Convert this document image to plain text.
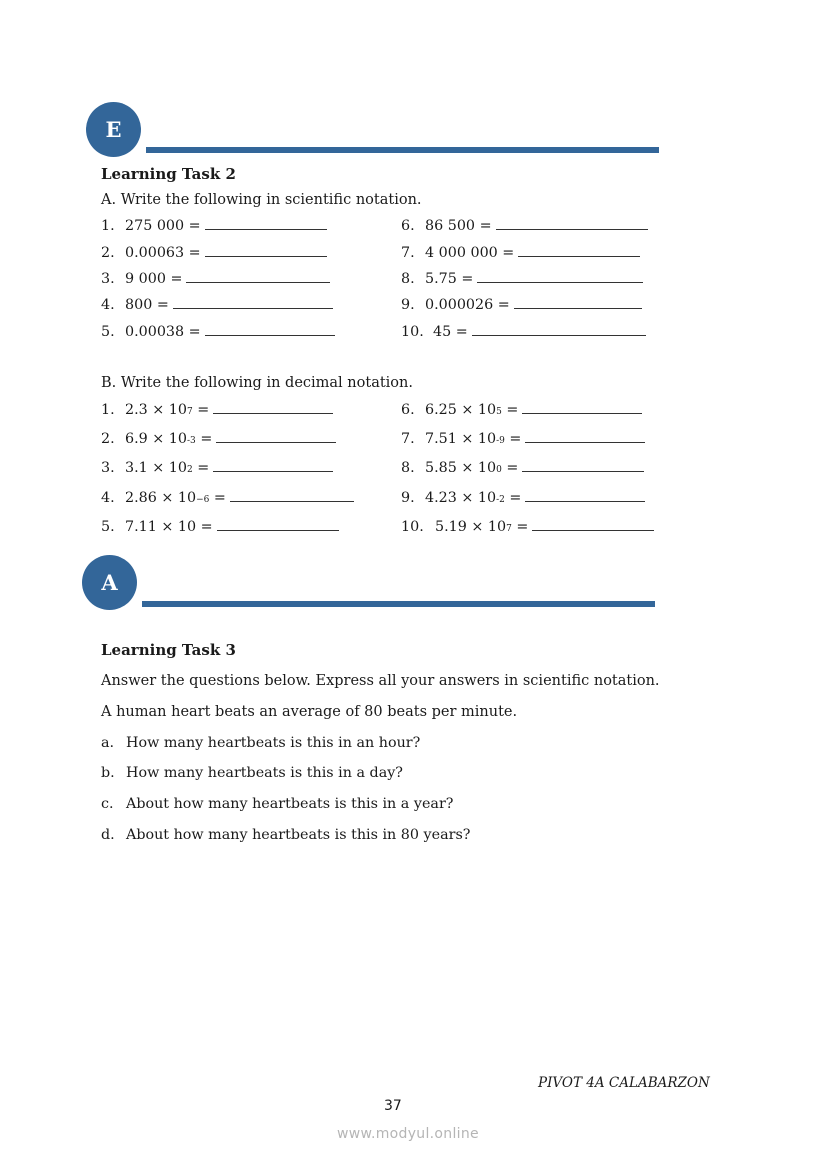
E
Learning Task 2
A. Write the following in scientific notation.
1. 275 000 =
2. 0.00063 =
3. 9 000 =
4. 800 =
5. 0.00038 =
6. 86 500 =
7. 4 000 000 =
8. 5.75 =
9. 0.000026 =
10. 45 =
B. Write the following in decimal notation.
1. 2.3 × 10 7
=
2. 6.9 × 10 -3
=
3. 3.1 × 10 2
=
4. 2.86 × 10 −6
=
5. 7.11 × 10
=
6. 6.25 × 10 5
=
7. 7.51 × 10 -9
=
8. 5.85 × 10 0
=
9. 4.23 × 10 -2
=
10. 5.19 × 10 7
=
A
Learning Task 3
Answer the questions below. Express all your answers in scientific notation.
A human heart beats an average of 80 beats per minute.
a. How many heartbeats is this in an hour?
b. How many heartbeats is this in a day?
c. About how many heartbeats is this in a year?
d. About how many heartbeats is this in 80 years?
PIVOT 4A CALABARZON
37
www.modyul.online
